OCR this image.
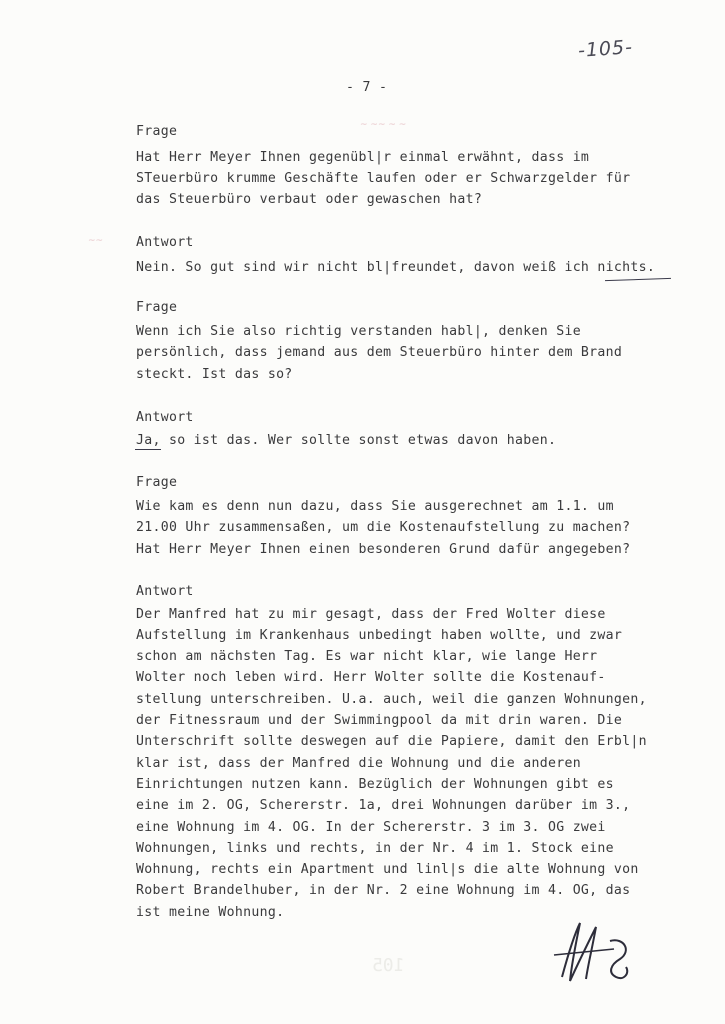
-105-
- 7 -
Frage
Hat Herr Meyer Ihnen gegenübl|r einmal erwähnt, dass im
STeuerbüro krumme Geschäfte laufen oder er Schwarzgelder für
das Steuerbüro verbaut oder gewaschen hat?
Antwort
Nein. So gut sind wir nicht bl|freundet, davon weiß ich nichts.
Frage
Wenn ich Sie also richtig verstanden habl|, denken Sie
persönlich, dass jemand aus dem Steuerbüro hinter dem Brand
steckt. Ist das so?
Antwort
Ja, so ist das. Wer sollte sonst etwas davon haben.
Frage
Wie kam es denn nun dazu, dass Sie ausgerechnet am 1.1. um
21.00 Uhr zusammensaßen, um die Kostenaufstellung zu machen?
Hat Herr Meyer Ihnen einen besonderen Grund dafür angegeben?
Antwort
Der Manfred hat zu mir gesagt, dass der Fred Wolter diese
Aufstellung im Krankenhaus unbedingt haben wollte, und zwar
schon am nächsten Tag. Es war nicht klar, wie lange Herr
Wolter noch leben wird. Herr Wolter sollte die Kostenauf-
stellung unterschreiben. U.a. auch, weil die ganzen Wohnungen,
der Fitnessraum und der Swimmingpool da mit drin waren. Die
Unterschrift sollte deswegen auf die Papiere, damit den Erbl|n
klar ist, dass der Manfred die Wohnung und die anderen
Einrichtungen nutzen kann. Bezüglich der Wohnungen gibt es
eine im 2. OG, Schererstr. 1a, drei Wohnungen darüber im 3.,
eine Wohnung im 4. OG. In der Schererstr. 3 im 3. OG zwei
Wohnungen, links und rechts, in der Nr. 4 im 1. Stock eine
Wohnung, rechts ein Apartment und linl|s die alte Wohnung von
Robert Brandelhuber, in der Nr. 2 eine Wohnung im 4. OG, das
ist meine Wohnung.
~ ~~ ~ ~
~~
105
